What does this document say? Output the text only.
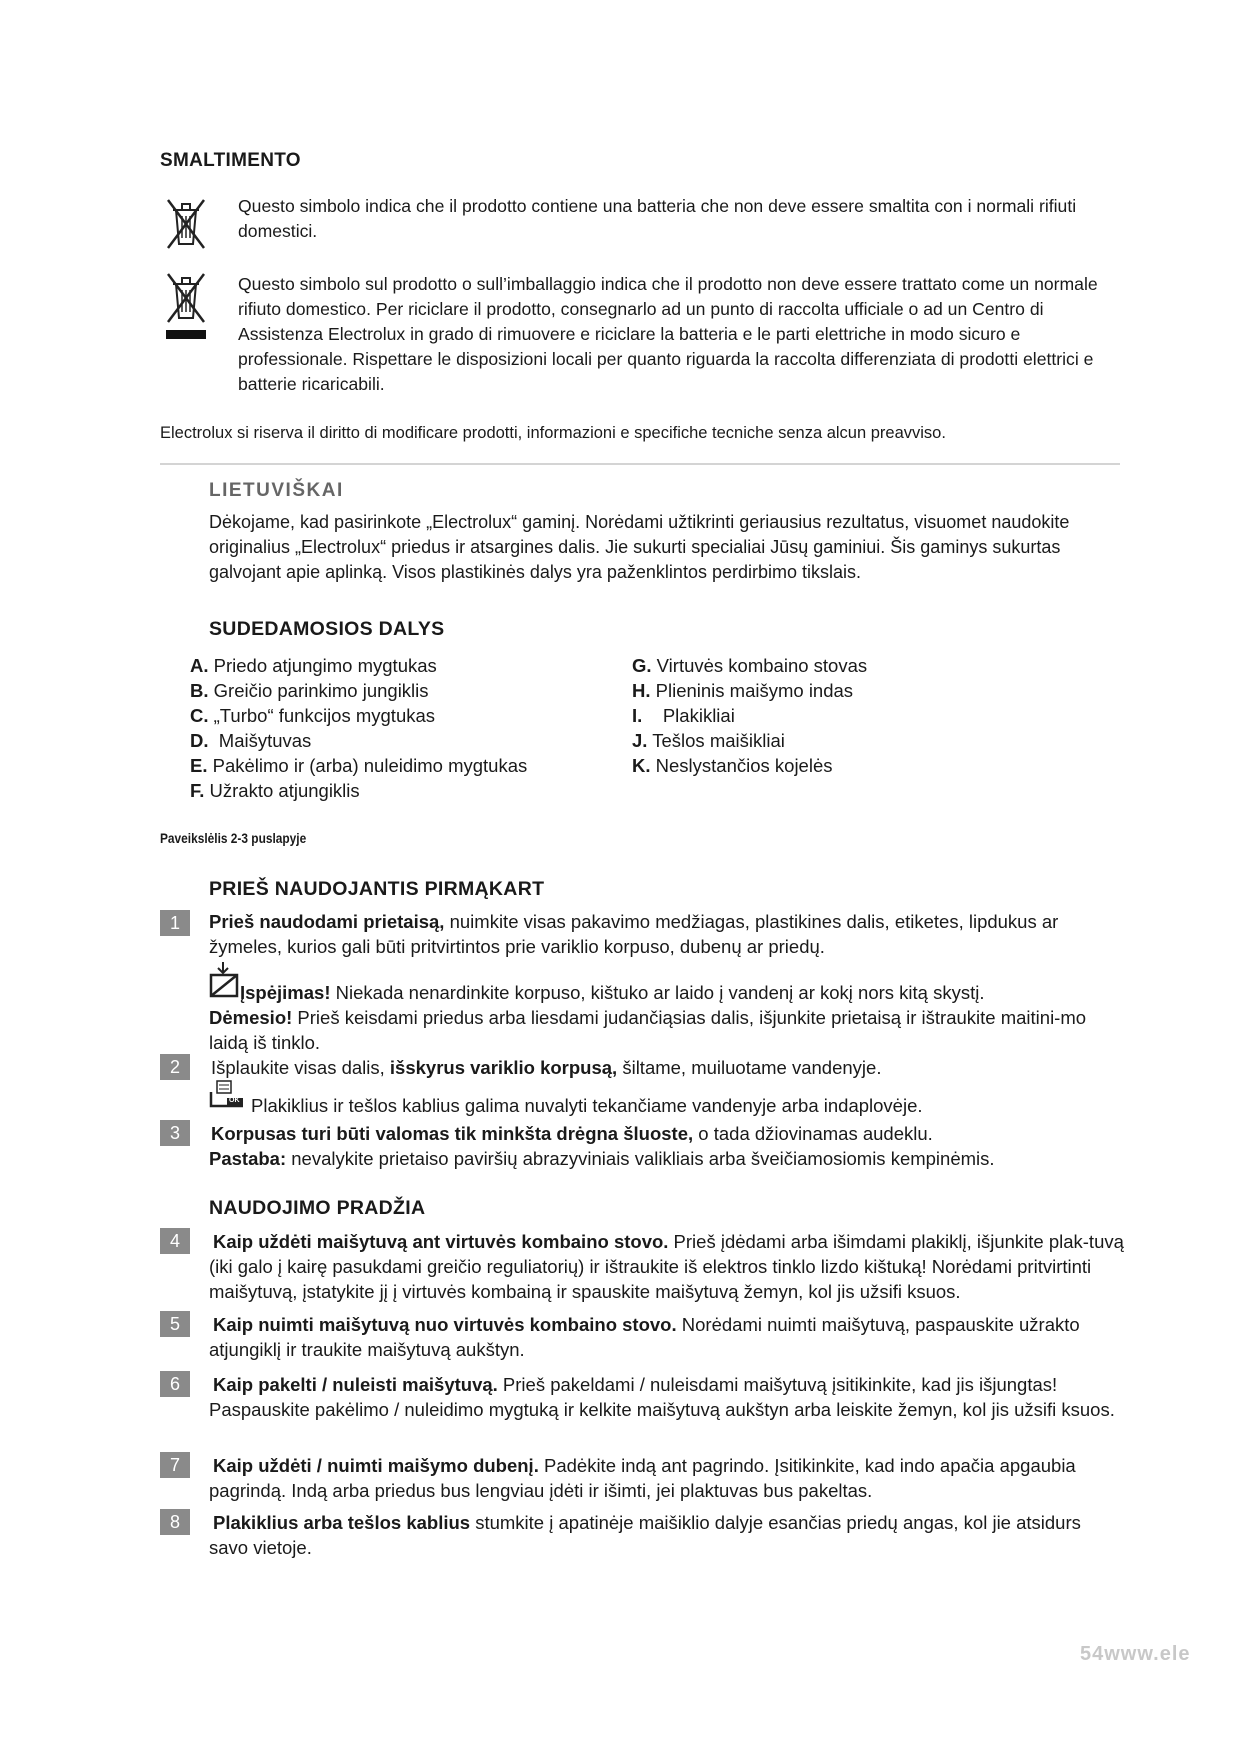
SMALTIMENTO
Questo simbolo indica che il prodotto contiene una batteria che non deve essere smaltita con i normali rifiuti domestici.
Questo simbolo sul prodotto o sull’imballaggio indica che il prodotto non deve essere trattato come un normale rifiuto domestico. Per riciclare il prodotto, consegnarlo ad un punto di raccolta ufficiale o ad un Centro di Assistenza Electrolux in grado di rimuovere e riciclare la batteria e le parti elettriche in modo sicuro e professionale. Rispettare le disposizioni locali per quanto riguarda la raccolta differenziata di prodotti elettrici e batterie ricaricabili.
Electrolux si riserva il diritto di modificare prodotti, informazioni e specifiche tecniche senza alcun preavviso.
LIETUVIŠKAI
Dėkojame, kad pasirinkote „Electrolux“ gaminį. Norėdami užtikrinti geriausius rezultatus, visuomet naudokite originalius „Electrolux“ priedus ir atsargines dalis. Jie sukurti specialiai Jūsų gaminiui. Šis gaminys sukurtas galvojant apie aplinką. Visos plastikinės dalys yra paženklintos perdirbimo tikslais.
SUDEDAMOSIOS DALYS
A. Priedo atjungimo mygtukas
B. Greičio parinkimo jungiklis
C. „Turbo“ funkcijos mygtukas
D.  Maišytuvas
E. Pakėlimo ir (arba) nuleidimo mygtukas
F. Užrakto atjungiklis
G. Virtuvės kombaino stovas
H. Plieninis maišymo indas
I.    Plakikliai
J. Tešlos maišikliai
K. Neslystančios kojelės
Paveikslėlis 2-3 puslapyje
PRIEŠ NAUDOJANTIS PIRMĄKART
1	Prieš naudodami prietaisą, nuimkite visas pakavimo medžiagas, plastikines dalis, etiketes, lipdukus ar žymeles, kurios gali būti pritvirtintos prie variklio korpuso, dubenų ar priedų.

Įspėjimas! Niekada nenardinkite korpuso, kištuko ar laido į vandenį ar kokį nors kitą skystį.

Dėmesio! Prieš keisdami priedus arba liesdami judančiąsias dalis, išjunkite prietaisą ir ištraukite maitini-mo laidą iš tinklo.

2	Išplaukite visas dalis, išskyrus variklio korpusą, šiltame, muiluotame vandenyje.

OK Plakiklius ir tešlos kablius galima nuvalyti tekančiame vandenyje arba indaplovėje.
3	Korpusas turi būti valomas tik minkšta drėgna šluoste, o tada džiovinamas audeklu.

Pastaba: nevalykite prietaiso paviršių abrazyviniais valikliais arba šveičiamosiomis kempinėmis.

NAUDOJIMO PRADŽIA
4	Kaip uždėti maišytuvą ant virtuvės kombaino stovo. Prieš įdėdami arba išimdami plakiklį, išjunkite plak-tuvą (iki galo į kairę pasukdami greičio reguliatorių) ir ištraukite iš elektros tinklo lizdo kištuką! Norėdami pritvirtinti maišytuvą, įstatykite jį į virtuvės kombainą ir spauskite maišytuvą žemyn, kol jis užsifi ksuos.

5	Kaip nuimti maišytuvą nuo virtuvės kombaino stovo. Norėdami nuimti maišytuvą, paspauskite užrakto atjungiklį ir traukite maišytuvą aukštyn.

6	Kaip pakelti / nuleisti maišytuvą. Prieš pakeldami / nuleisdami maišytuvą įsitikinkite, kad jis išjungtas! Paspauskite pakėlimo / nuleidimo mygtuką ir kelkite maišytuvą aukštyn arba leiskite žemyn, kol jis užsifi ksuos.

7	Kaip uždėti / nuimti maišymo dubenį. Padėkite indą ant pagrindo. Įsitikinkite, kad indo apačia apgaubia pagrindą. Indą arba priedus bus lengviau įdėti ir išimti, jei plaktuvas bus pakeltas.

8	Plakiklius arba tešlos kablius stumkite į apatinėje maišiklio dalyje esančias priedų angas, kol jie atsidurs savo vietoje.

54www.ele
